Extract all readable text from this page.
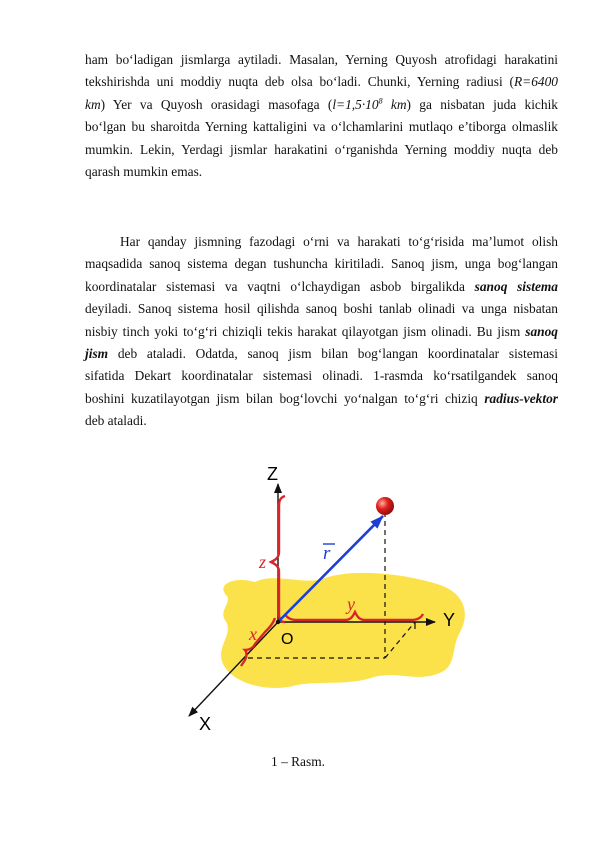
ham bo‘ladigan jismlarga aytiladi. Masalan, Yerning Quyosh atrofidagi harakatini
tekshirishda uni moddiy nuqta deb olsa bo‘ladi. Chunki, Yerning radiusi (R=6400
km) Yer va Quyosh orasidagi masofaga ($l=1,5\cdot 10^8$ km) ga nisbatan juda kichik
bo‘lgan bu sharoitda Yerning kattaligini va o‘lchamlarini mutlaqo e’tiborga olmaslik
mumkin. Lekin, Yerdagi jismlar harakatini o‘rganishda Yerning moddiy nuqta deb
qarash mumkin emas.
Har qanday jismning fazodagi o‘rni va harakati to‘g‘risida ma’lumot olish
maqsadida sanoq sistema degan tushuncha kiritiladi. Sanoq jism, unga bog‘langan
koordinatalar sistemasi va vaqtni o‘lchaydigan asbob birgalikda sanoq sistema
deyiladi. Sanoq sistema hosil qilishda sanoq boshi tanlab olinadi va unga nisbatan
nisbiy tinch yoki to‘g‘ri chiziqli tekis harakat qilayotgan jism olinadi. Bu jism sanoq
jism deb ataladi. Odatda, sanoq jism bilan bog‘langan koordinatalar sistemasi
sifatida Dekart koordinatalar sistemasi olinadi. 1-rasmda ko‘rsatilgandek sanoq
boshini kuzatilayotgan jism bilan bog‘lovchi yo‘nalgan to‘g‘ri chiziq radius-vektor
deb ataladi.
Z
Y
X
O
r
z
y
x
1 – Rasm.
